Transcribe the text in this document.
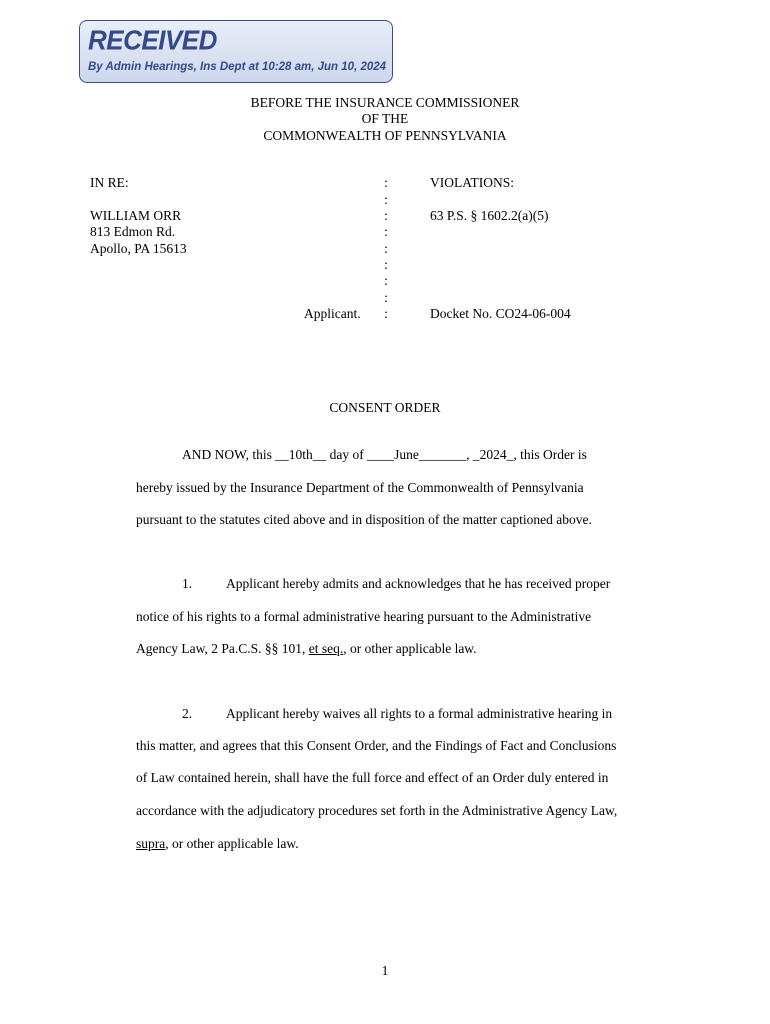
RECEIVED
By Admin Hearings, Ins Dept at 10:28 am, Jun 10, 2024
BEFORE THE INSURANCE COMMISSIONER
OF THE
COMMONWEALTH OF PENNSYLVANIA
IN RE:
WILLIAM ORR
813 Edmon Rd.
Apollo, PA 15613
Applicant.
:
:
:
:
:
:
:
:
:
VIOLATIONS:
63 P.S. § 1602.2(a)(5)
Docket No. CO24-06-004
CONSENT ORDER
AND NOW, this __10th__ day of ____June_______, _2024_, this Order is
hereby issued by the Insurance Department of the Commonwealth of Pennsylvania
pursuant to the statutes cited above and in disposition of the matter captioned above.
1.	Applicant hereby admits and acknowledges that he has received proper
notice of his rights to a formal administrative hearing pursuant to the Administrative
Agency Law, 2 Pa.C.S. §§ 101, et seq., or other applicable law.
2.	Applicant hereby waives all rights to a formal administrative hearing in
this matter, and agrees that this Consent Order, and the Findings of Fact and Conclusions
of Law contained herein, shall have the full force and effect of an Order duly entered in
accordance with the adjudicatory procedures set forth in the Administrative Agency Law,
supra, or other applicable law.
1
